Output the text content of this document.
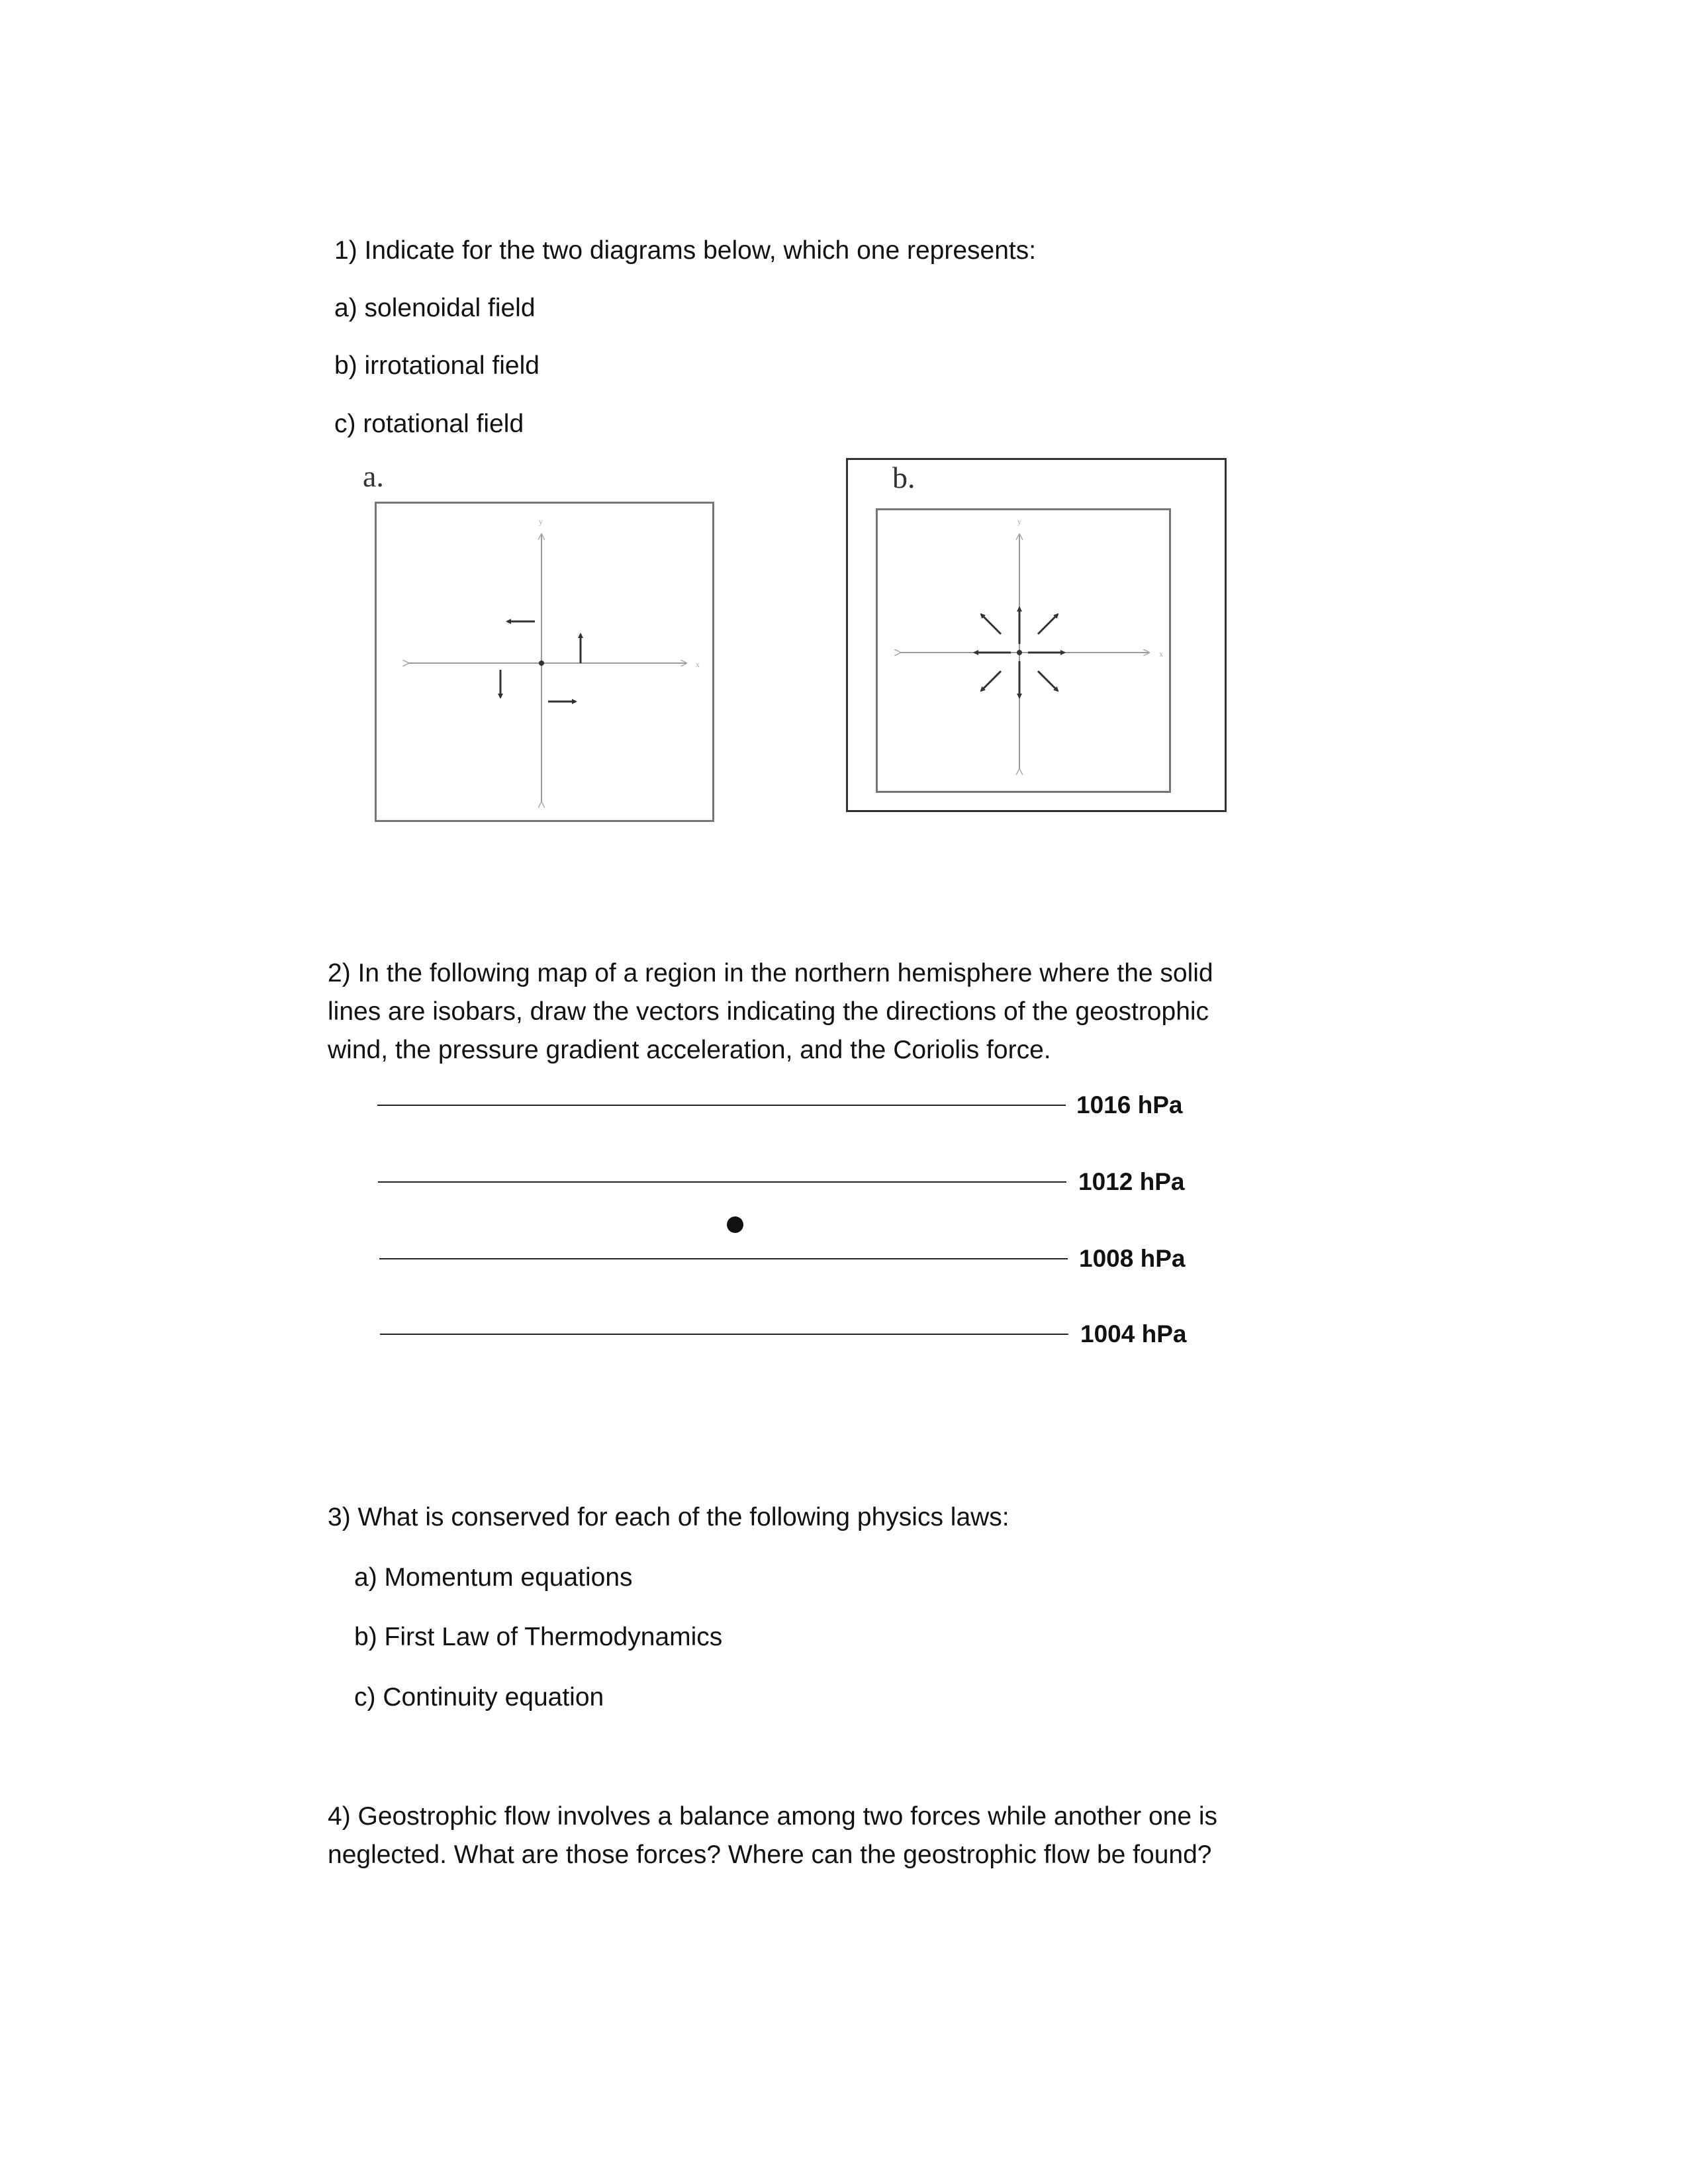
1) Indicate for the two diagrams below, which one represents:
a) solenoidal field
b) irrotational field
c) rotational field
a.
x
y
b.
x
y
2) In the following map of a region in the northern hemisphere where the solid lines are isobars, draw the vectors indicating the directions of the geostrophic wind, the pressure gradient acceleration, and the Coriolis force.
1016 hPa
1012 hPa
1008 hPa
1004 hPa
3) What is conserved for each of the following physics laws:
a) Momentum equations
b) First Law of Thermodynamics
c) Continuity equation
4) Geostrophic flow involves a balance among two forces while another one is neglected. What are those forces? Where can the geostrophic flow be found?
